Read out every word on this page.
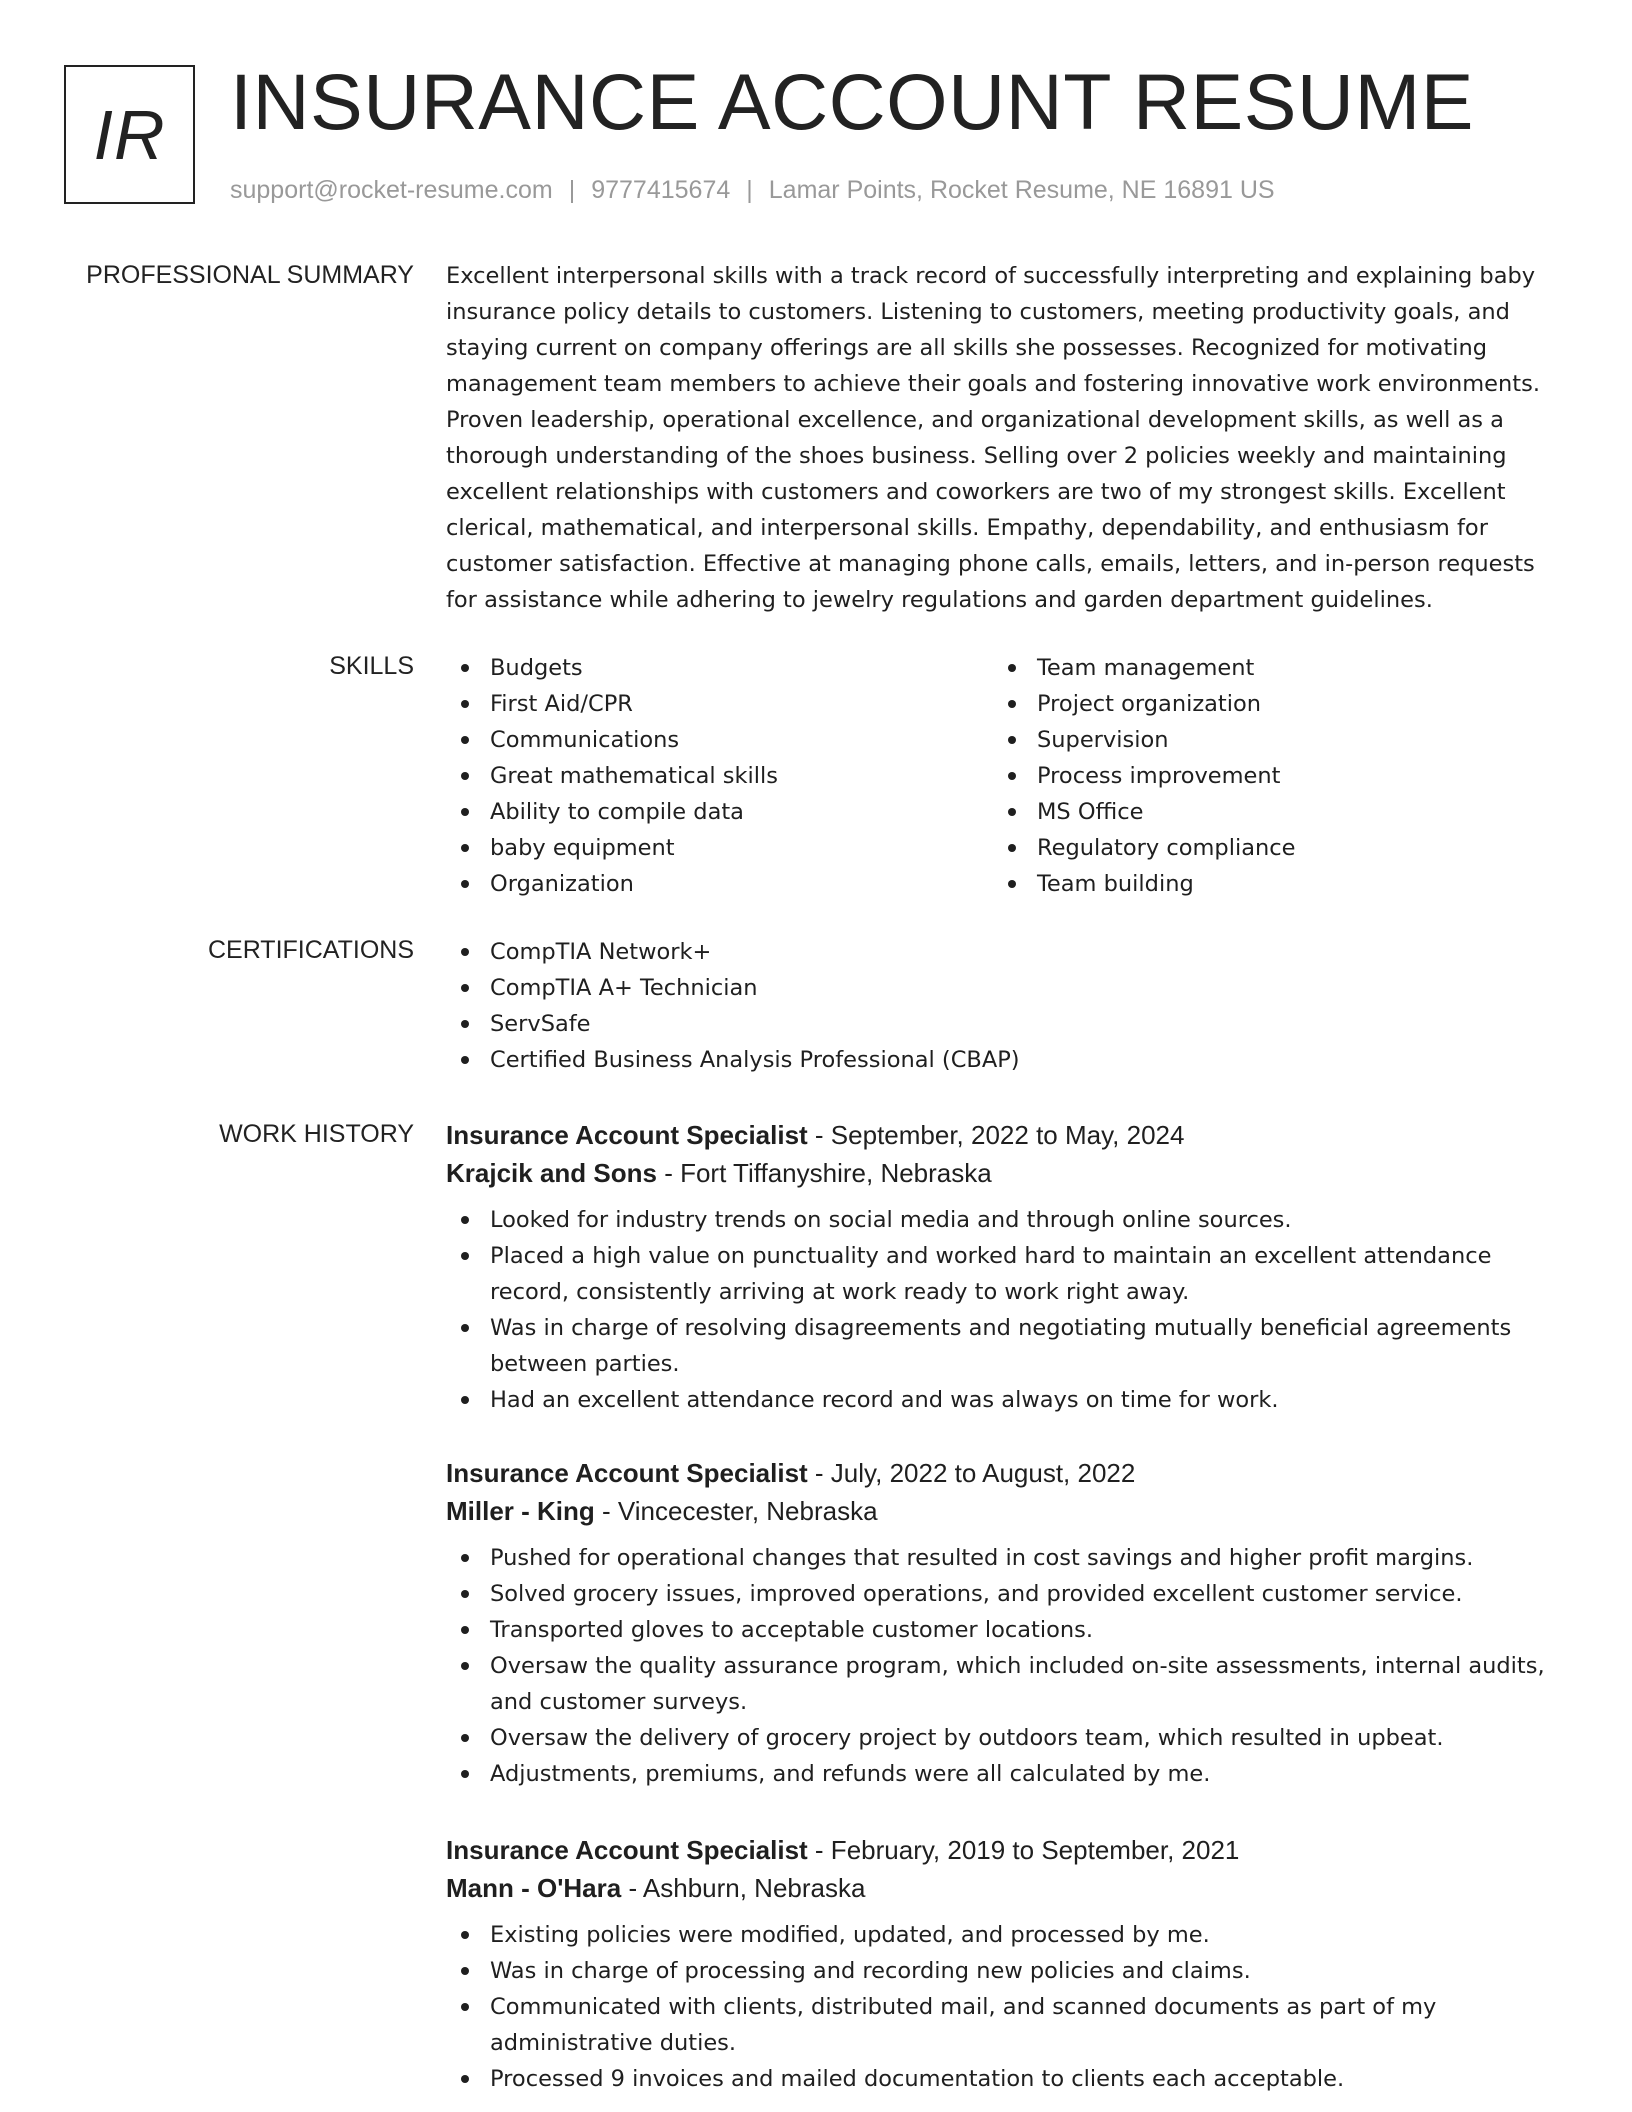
IR INSURANCE ACCOUNT RESUME
support@rocket-resume.com | 9777415674 | Lamar Points, Rocket Resume, NE 16891 US
PROFESSIONAL SUMMARY Excellent interpersonal skills with a track record of successfully interpreting and explaining baby insurance policy details to customers. Listening to customers, meeting productivity goals, and staying current on company offerings are all skills she possesses. Recognized for motivating management team members to achieve their goals and fostering innovative work environments. Proven leadership, operational excellence, and organizational development skills, as well as a thorough understanding of the shoes business. Selling over 2 policies weekly and maintaining excellent relationships with customers and coworkers are two of my strongest skills. Excellent clerical, mathematical, and interpersonal skills. Empathy, dependability, and enthusiasm for customer satisfaction. Effective at managing phone calls, emails, letters, and in-person requests for assistance while adhering to jewelry regulations and garden department guidelines.

SKILLS	Budgets
First Aid/CPR
Communications
Great mathematical skills
Ability to compile data
baby equipment
Organization
Team management
Project organization
Supervision
Process improvement
MS Office
Regulatory compliance
Team building
CERTIFICATIONS	CompTIA Network+
CompTIA A+ Technician
ServSafe
Certified Business Analysis Professional (CBAP)
WORK HISTORY Insurance Account Specialist - September, 2022 to May, 2024
Krajcik and Sons - Fort Tiffanyshire, Nebraska
Looked for industry trends on social media and through online sources.
Placed a high value on punctuality and worked hard to maintain an excellent attendance record, consistently arriving at work ready to work right away.
Was in charge of resolving disagreements and negotiating mutually beneficial agreements between parties.
Had an excellent attendance record and was always on time for work.
Insurance Account Specialist - July, 2022 to August, 2022
Miller - King - Vincecester, Nebraska
Pushed for operational changes that resulted in cost savings and higher profit margins.
Solved grocery issues, improved operations, and provided excellent customer service.
Transported gloves to acceptable customer locations.
Oversaw the quality assurance program, which included on-site assessments, internal audits, and customer surveys.
Oversaw the delivery of grocery project by outdoors team, which resulted in upbeat.
Adjustments, premiums, and refunds were all calculated by me.
Insurance Account Specialist - February, 2019 to September, 2021
Mann - O'Hara - Ashburn, Nebraska
Existing policies were modified, updated, and processed by me.
Was in charge of processing and recording new policies and claims.
Communicated with clients, distributed mail, and scanned documents as part of my administrative duties.
Processed 9 invoices and mailed documentation to clients each acceptable.
